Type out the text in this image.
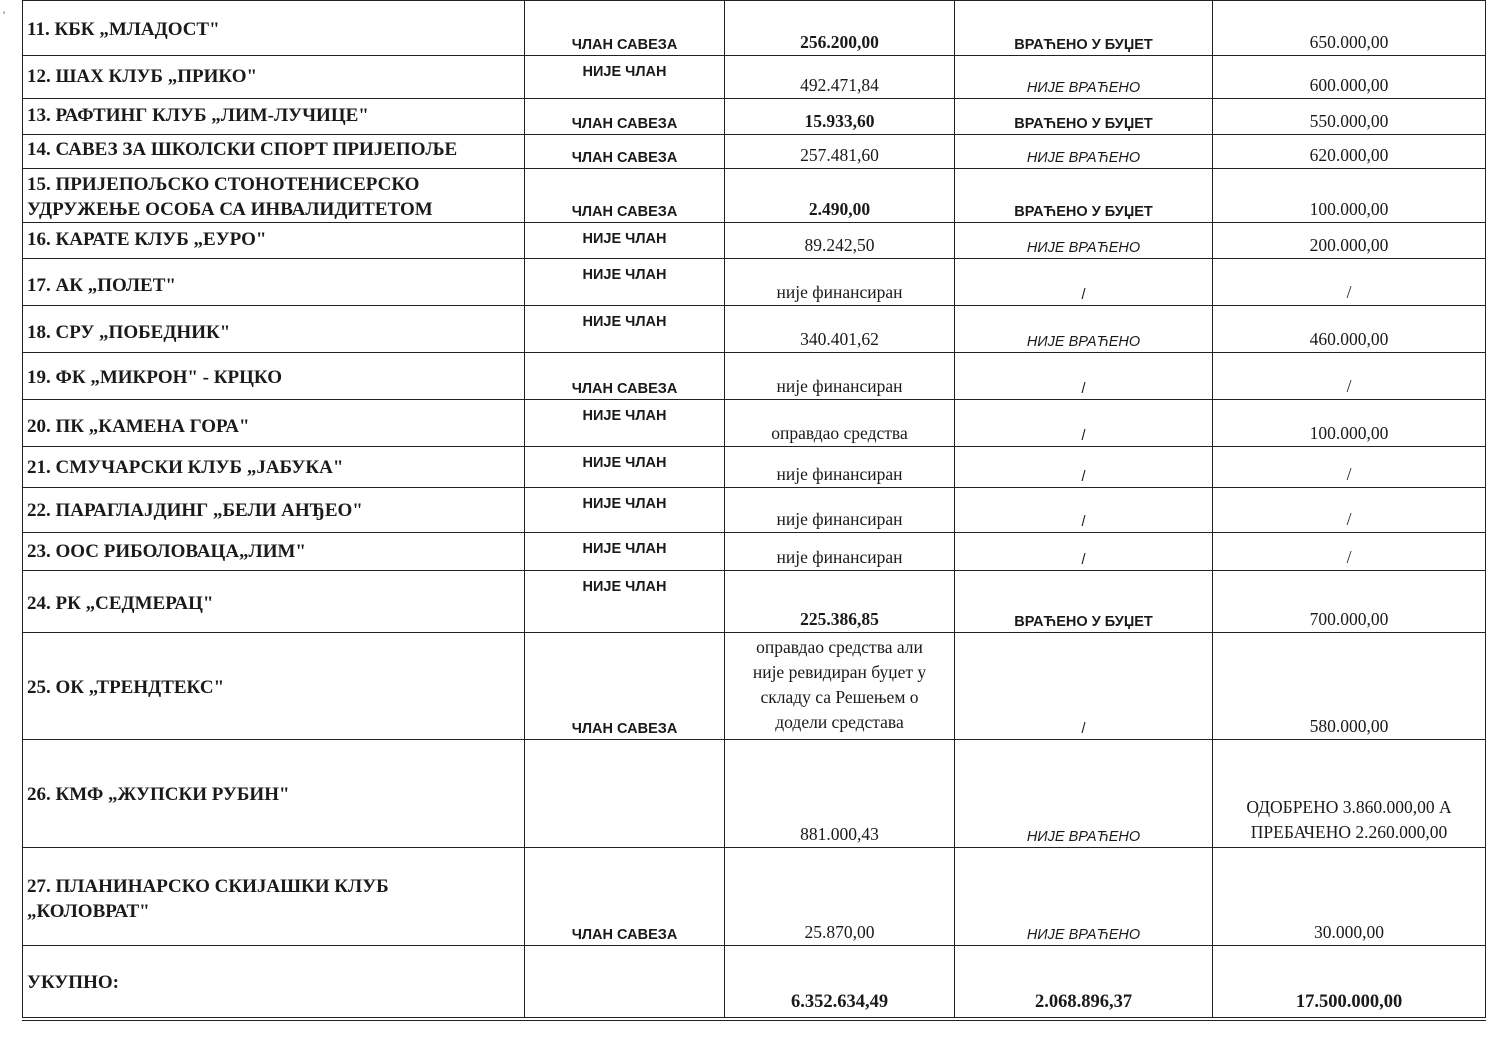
'
11. КБК „МЛАДОСТ"	ЧЛАН САВЕЗА	256.200,00	ВРАЋЕНО У БУЏЕТ	650.000,00

12. ШАХ КЛУБ „ПРИКО"	НИЈЕ ЧЛАН	492.471,84	НИЈЕ ВРАЋЕНО	600.000,00

13. РАФТИНГ КЛУБ „ЛИМ-ЛУЧИЦЕ"	ЧЛАН САВЕЗА	15.933,60	ВРАЋЕНО У БУЏЕТ	550.000,00

14. САВЕЗ ЗА ШКОЛСКИ СПОРТ ПРИЈЕПОЉЕ	ЧЛАН САВЕЗА	257.481,60	НИЈЕ ВРАЋЕНО	620.000,00

15. ПРИЈЕПОЉСКО СТОНОТЕНИСЕРСКО
УДРУЖЕЊЕ ОСОБА СА ИНВАЛИДИТЕТОМ	ЧЛАН САВЕЗА	2.490,00	ВРАЋЕНО У БУЏЕТ	100.000,00

16. КАРАТЕ КЛУБ „ЕУРО"	НИЈЕ ЧЛАН	89.242,50	НИЈЕ ВРАЋЕНО	200.000,00

17. АК „ПОЛЕТ"	НИЈЕ ЧЛАН	није финансиран	/	/

18. СРУ „ПОБЕДНИК"	НИЈЕ ЧЛАН	340.401,62	НИЈЕ ВРАЋЕНО	460.000,00

19. ФК „МИКРОН" - КРЦКО	ЧЛАН САВЕЗА	није финансиран	/	/

20. ПК „КАМЕНА ГОРА"	НИЈЕ ЧЛАН	оправдао средства	/	100.000,00

21. СМУЧАРСКИ КЛУБ „ЈАБУКА"	НИЈЕ ЧЛАН	није финансиран	/	/

22. ПАРАГЛАЈДИНГ „БЕЛИ АНЂЕО"	НИЈЕ ЧЛАН	није финансиран	/	/

23. ООС РИБОЛОВАЦА„ЛИМ"	НИЈЕ ЧЛАН	није финансиран	/	/

24. РК „СЕДМЕРАЦ"	НИЈЕ ЧЛАН	225.386,85	ВРАЋЕНО У БУЏЕТ	700.000,00

25. ОК „ТРЕНДТЕКС"	ЧЛАН САВЕЗА	оправдао средства али
није ревидиран буџет у
складу са Решењем о
додели средстава	/	580.000,00

26. КМФ „ЖУПСКИ РУБИН"		881.000,43	НИЈЕ ВРАЋЕНО	ОДОБРЕНО 3.860.000,00 А
ПРЕБАЧЕНО 2.260.000,00

27. ПЛАНИНАРСКО СКИЈАШКИ КЛУБ
„КОЛОВРАТ"	ЧЛАН САВЕЗА	25.870,00	НИЈЕ ВРАЋЕНО	30.000,00

УКУПНО:		6.352.634,49	2.068.896,37	17.500.000,00
